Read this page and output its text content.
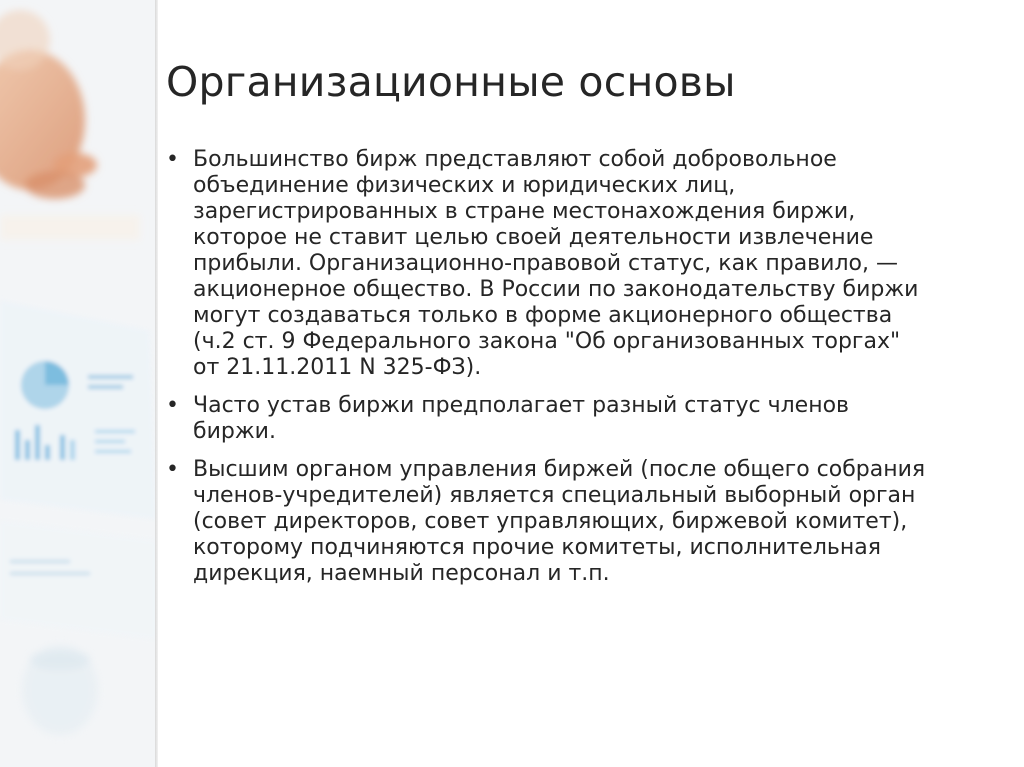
Организационные основы
• Большинство бирж представляют собой добровольное объединение физических и юридических лиц, зарегистрированных в стране местонахождения биржи, которое не ставит целью своей деятельности извлечение прибыли. Организационно-правовой статус, как правило, — акционерное общество. В России по законодательству биржи могут создаваться только в форме акционерного общества (ч.2 ст. 9 Федерального закона "Об организованных торгах" от 21.11.2011 N 325-ФЗ).
• Часто устав биржи предполагает разный статус членов биржи.
• Высшим органом управления биржей (после общего собрания членов-учредителей) является специальный выборный орган (совет директоров, совет управляющих, биржевой комитет), которому подчиняются прочие комитеты, исполнительная дирекция, наемный персонал и т.п.
